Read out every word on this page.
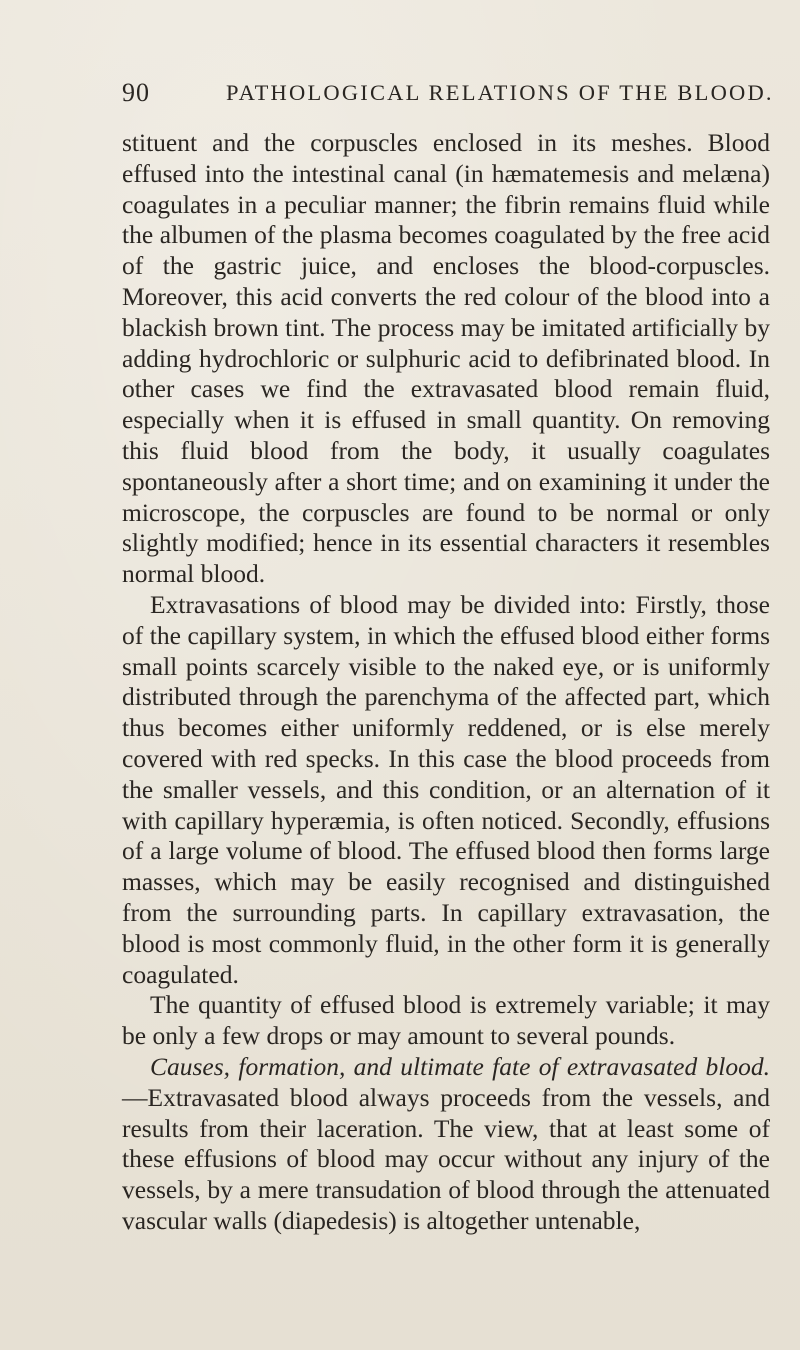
90	PATHOLOGICAL RELATIONS OF THE BLOOD.

stituent and the corpuscles enclosed in its meshes. Blood effused into the intestinal canal (in hæmatemesis and melæna) coagulates in a peculiar manner; the fibrin remains fluid while the albumen of the plasma becomes coagulated by the free acid of the gastric juice, and encloses the blood-corpuscles. Moreover, this acid converts the red colour of the blood into a blackish brown tint. The process may be imitated artificially by adding hydrochloric or sulphuric acid to defibrinated blood. In other cases we find the extravasated blood remain fluid, especially when it is effused in small quantity. On removing this fluid blood from the body, it usually coagulates spontaneously after a short time; and on examining it under the microscope, the corpuscles are found to be normal or only slightly modified; hence in its essential characters it resembles normal blood.

Extravasations of blood may be divided into: Firstly, those of the capillary system, in which the effused blood either forms small points scarcely visible to the naked eye, or is uniformly distributed through the parenchyma of the affected part, which thus becomes either uniformly reddened, or is else merely covered with red specks. In this case the blood proceeds from the smaller vessels, and this condition, or an alternation of it with capillary hyperæmia, is often noticed. Secondly, effusions of a large volume of blood. The effused blood then forms large masses, which may be easily recognised and distinguished from the surrounding parts. In capillary extravasation, the blood is most commonly fluid, in the other form it is generally coagulated.

The quantity of effused blood is extremely variable; it may be only a few drops or may amount to several pounds.

Causes, formation, and ultimate fate of extravasated blood.—Extravasated blood always proceeds from the vessels, and results from their laceration. The view, that at least some of these effusions of blood may occur without any injury of the vessels, by a mere transudation of blood through the attenuated vascular walls (diapedesis) is altogether untenable,
